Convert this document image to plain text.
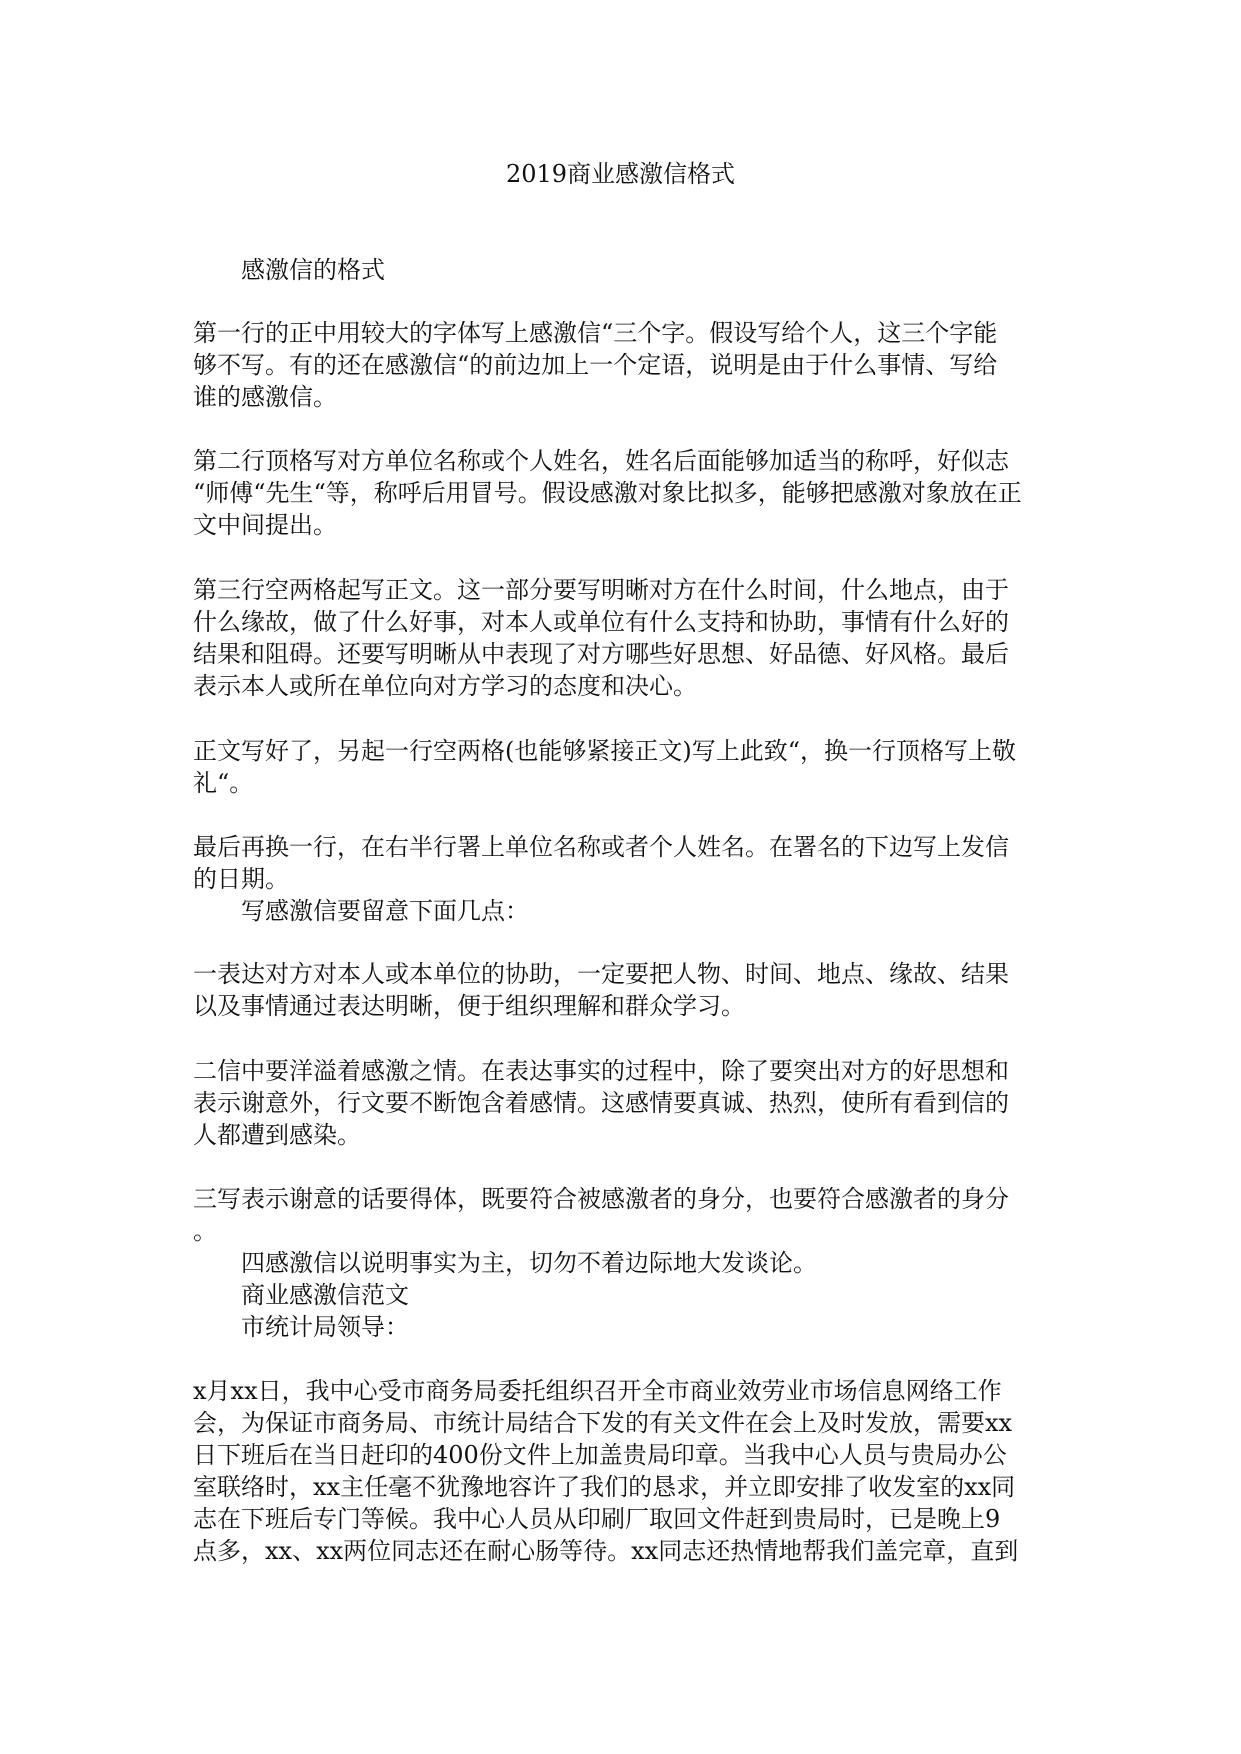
2019商业感激信格式
感激信的格式
第一行的正中用较大的字体写上感激信“三个字。假设写给个人，这三个字能
够不写。有的还在感激信“的前边加上一个定语，说明是由于什么事情、写给
谁的感激信。
第二行顶格写对方单位名称或个人姓名，姓名后面能够加适当的称呼，好似志
“师傅“先生“等，称呼后用冒号。假设感激对象比拟多，能够把感激对象放在正
文中间提出。
第三行空两格起写正文。这一部分要写明晰对方在什么时间，什么地点，由于
什么缘故，做了什么好事，对本人或单位有什么支持和协助，事情有什么好的
结果和阻碍。还要写明晰从中表现了对方哪些好思想、好品德、好风格。最后
表示本人或所在单位向对方学习的态度和决心。
正文写好了，另起一行空两格(也能够紧接正文)写上此致“，换一行顶格写上敬
礼“。
最后再换一行，在右半行署上单位名称或者个人姓名。在署名的下边写上发信
的日期。
写感激信要留意下面几点：
一表达对方对本人或本单位的协助，一定要把人物、时间、地点、缘故、结果
以及事情通过表达明晰，便于组织理解和群众学习。
二信中要洋溢着感激之情。在表达事实的过程中，除了要突出对方的好思想和
表示谢意外，行文要不断饱含着感情。这感情要真诚、热烈，使所有看到信的
人都遭到感染。
三写表示谢意的话要得体，既要符合被感激者的身分，也要符合感激者的身分
。
四感激信以说明事实为主，切勿不着边际地大发谈论。
商业感激信范文
市统计局领导：
x月xx日，我中心受市商务局委托组织召开全市商业效劳业市场信息网络工作
会，为保证市商务局、市统计局结合下发的有关文件在会上及时发放，需要xx
日下班后在当日赶印的400份文件上加盖贵局印章。当我中心人员与贵局办公
室联络时，xx主任毫不犹豫地容许了我们的恳求，并立即安排了收发室的xx同
志在下班后专门等候。我中心人员从印刷厂取回文件赶到贵局时，已是晚上9
点多，xx、xx两位同志还在耐心肠等待。xx同志还热情地帮我们盖完章，直到
